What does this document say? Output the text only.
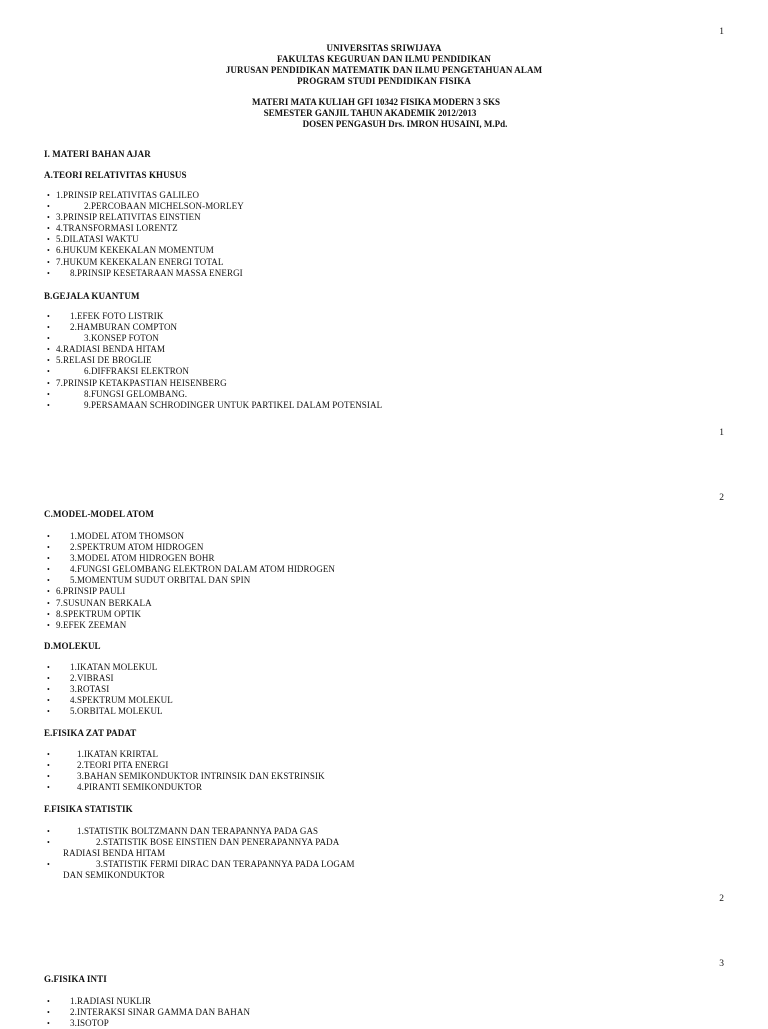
1
1
2
2
3
UNIVERSITAS SRIWIJAYA
FAKULTAS KEGURUAN DAN ILMU PENDIDIKAN
JURUSAN PENDIDIKAN MATEMATIK DAN ILMU PENGETAHUAN ALAM
PROGRAM STUDI PENDIDIKAN FISIKA
MATERI MATA KULIAH GFI 10342 FISIKA MODERN 3 SKS
SEMESTER GANJIL TAHUN AKADEMIK 2012/2013
DOSEN PENGASUH Drs. IMRON HUSAINI, M.Pd.
I. MATERI BAHAN AJAR
A.TEORI RELATIVITAS KHUSUS
• 1.PRINSIP RELATIVITAS GALILEO
•	2.PERCOBAAN MICHELSON-MORLEY
• 3.PRINSIP RELATIVITAS EINSTIEN
• 4.TRANSFORMASI LORENTZ
• 5.DILATASI WAKTU
• 6.HUKUM KEKEKALAN MOMENTUM
• 7.HUKUM KEKEKALAN ENERGI TOTAL
• 8.PRINSIP KESETARAAN MASSA ENERGI
B.GEJALA KUANTUM
• 1.EFEK FOTO LISTRIK
• 2.HAMBURAN COMPTON
•	3.KONSEP FOTON
• 4.RADIASI BENDA HITAM
• 5.RELASI DE BROGLIE
•	6.DIFFRAKSI ELEKTRON
• 7.PRINSIP KETAKPASTIAN HEISENBERG
•	8.FUNGSI GELOMBANG.
•	9.PERSAMAAN SCHRODINGER UNTUK PARTIKEL DALAM POTENSIAL
C.MODEL-MODEL ATOM
• 1.MODEL ATOM THOMSON
• 2.SPEKTRUM ATOM HIDROGEN
• 3.MODEL ATOM HIDROGEN BOHR
• 4.FUNGSI GELOMBANG ELEKTRON DALAM ATOM HIDROGEN
• 5.MOMENTUM SUDUT ORBITAL DAN SPIN
• 6.PRINSIP PAULI
• 7.SUSUNAN BERKALA
• 8.SPEKTRUM OPTIK
• 9.EFEK ZEEMAN
D.MOLEKUL
• 1.IKATAN MOLEKUL
• 2.VIBRASI
• 3.ROTASI
• 4.SPEKTRUM MOLEKUL
• 5.ORBITAL MOLEKUL
E.FISIKA ZAT PADAT
•	1.IKATAN KRIRTAL
•	2.TEORI PITA ENERGI
•	3.BAHAN SEMIKONDUKTOR INTRINSIK DAN EKSTRINSIK
•	4.PIRANTI SEMIKONDUKTOR
F.FISIKA STATISTIK
•	1.STATISTIK BOLTZMANN DAN TERAPANNYA PADA GAS
•	2.STATISTIK BOSE EINSTIEN DAN PENERAPANNYA PADA RADIASI BENDA HITAM
•	3.STATISTIK FERMI DIRAC DAN TERAPANNYA PADA LOGAM DAN SEMIKONDUKTOR
G.FISIKA INTI
• 1.RADIASI NUKLIR
• 2.INTERAKSI SINAR GAMMA DAN BAHAN
• 3.ISOTOP
